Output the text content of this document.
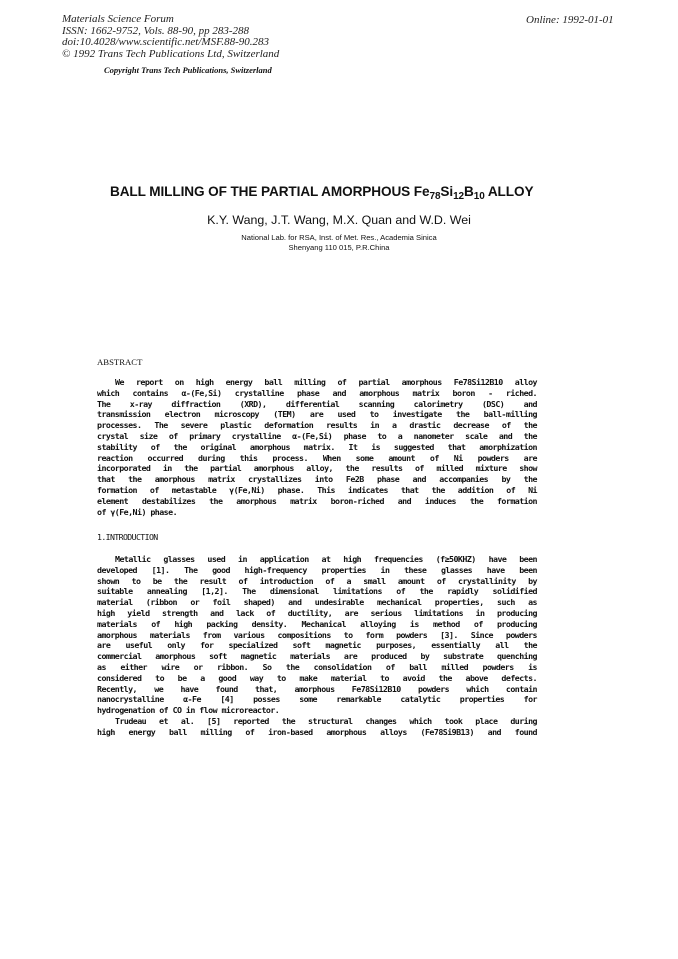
Materials Science Forum
ISSN: 1662-9752, Vols. 88-90, pp 283-288
doi:10.4028/www.scientific.net/MSF.88-90.283
© 1992 Trans Tech Publications Ltd, Switzerland
Online: 1992-01-01
Copyright Trans Tech Publications, Switzerland
BALL MILLING OF THE PARTIAL AMORPHOUS $Fe_{78}Si_{12}B_{10}$ ALLOY
K.Y. Wang, J.T. Wang, M.X. Quan and W.D. Wei
National Lab. for RSA, Inst. of Met. Res., Academia Sinica
Shenyang 110 015, P.R.China
ABSTRACT
We report on high energy ball milling of partial amorphous Fe78Si12B10 alloy
which contains α-(Fe,Si) crystalline phase and amorphous matrix boron - riched.
The x-ray diffraction (XRD), differential scanning calorimetry (DSC) and
transmission electron microscopy (TEM) are used to investigate the ball-milling
processes. The severe plastic deformation results in a drastic decrease of the
crystal size of primary crystalline α-(Fe,Si) phase to a nanometer scale and the
stability of the original amorphous matrix. It is suggested that amorphization
reaction occurred during this process. When some amount of Ni powders are
incorporated in the partial amorphous alloy, the results of milled mixture show
that the amorphous matrix crystallizes into Fe2B phase and accompanies by the
formation of metastable γ(Fe,Ni) phase. This indicates that the addition of Ni
element destabilizes the amorphous matrix boron-riched and induces the formation
of γ(Fe,Ni) phase.
1.INTRODUCTION
Metallic glasses used in application at high frequencies (f≥50KHZ) have been
developed [1]. The good high-frequency properties in these glasses have been
shown to be the result of introduction of a small amount of crystallinity by
suitable annealing [1,2]. The dimensional limitations of the rapidly solidified
material (ribbon or foil shaped) and undesirable mechanical properties, such as
high yield strength and lack of ductility, are serious limitations in producing
materials of high packing density. Mechanical alloying is method of producing
amorphous materials from various compositions to form powders [3]. Since powders
are useful only for specialized soft magnetic purposes, essentially all the
commercial amorphous soft magnetic materials are produced by substrate quenching
as either wire or ribbon. So the consolidation of ball milled powders is
considered to be a good way to make material to avoid the above defects.
Recently, we have found that, amorphous Fe78Si12B10 powders which contain
nanocrystalline α-Fe [4] posses some remarkable catalytic properties for
hydrogenation of CO in flow microreactor.
Trudeau et al. [5] reported the structural changes which took place during
high energy ball milling of iron-based amorphous alloys (Fe78Si9B13) and found
